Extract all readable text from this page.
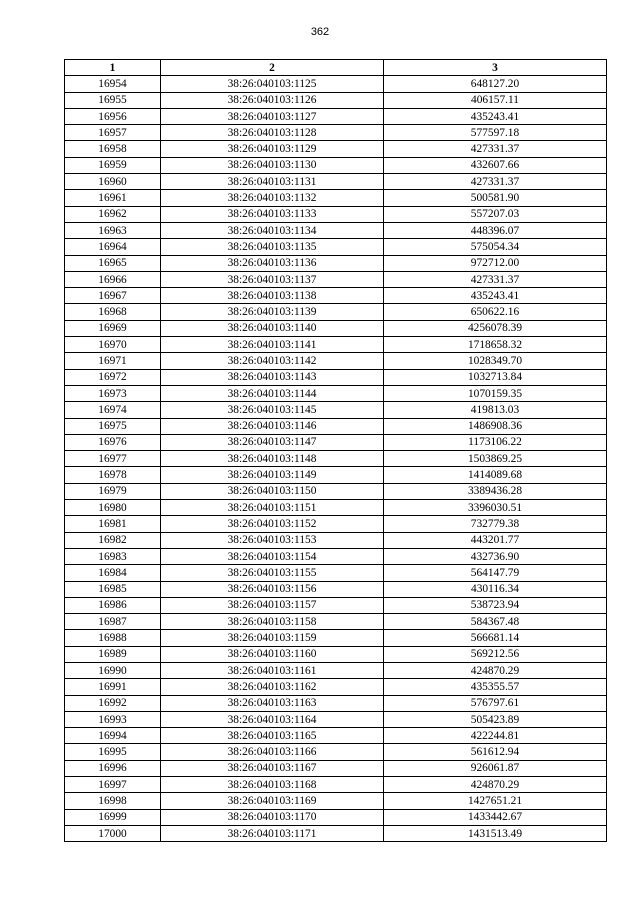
362
1	2	3
16954	38:26:040103:1125	648127.20
16955	38:26:040103:1126	406157.11
16956	38:26:040103:1127	435243.41
16957	38:26:040103:1128	577597.18
16958	38:26:040103:1129	427331.37
16959	38:26:040103:1130	432607.66
16960	38:26:040103:1131	427331.37
16961	38:26:040103:1132	500581.90
16962	38:26:040103:1133	557207.03
16963	38:26:040103:1134	448396.07
16964	38:26:040103:1135	575054.34
16965	38:26:040103:1136	972712.00
16966	38:26:040103:1137	427331.37
16967	38:26:040103:1138	435243.41
16968	38:26:040103:1139	650622.16
16969	38:26:040103:1140	4256078.39
16970	38:26:040103:1141	1718658.32
16971	38:26:040103:1142	1028349.70
16972	38:26:040103:1143	1032713.84
16973	38:26:040103:1144	1070159.35
16974	38:26:040103:1145	419813.03
16975	38:26:040103:1146	1486908.36
16976	38:26:040103:1147	1173106.22
16977	38:26:040103:1148	1503869.25
16978	38:26:040103:1149	1414089.68
16979	38:26:040103:1150	3389436.28
16980	38:26:040103:1151	3396030.51
16981	38:26:040103:1152	732779.38
16982	38:26:040103:1153	443201.77
16983	38:26:040103:1154	432736.90
16984	38:26:040103:1155	564147.79
16985	38:26:040103:1156	430116.34
16986	38:26:040103:1157	538723.94
16987	38:26:040103:1158	584367.48
16988	38:26:040103:1159	566681.14
16989	38:26:040103:1160	569212.56
16990	38:26:040103:1161	424870.29
16991	38:26:040103:1162	435355.57
16992	38:26:040103:1163	576797.61
16993	38:26:040103:1164	505423.89
16994	38:26:040103:1165	422244.81
16995	38:26:040103:1166	561612.94
16996	38:26:040103:1167	926061.87
16997	38:26:040103:1168	424870.29
16998	38:26:040103:1169	1427651.21
16999	38:26:040103:1170	1433442.67
17000	38:26:040103:1171	1431513.49
